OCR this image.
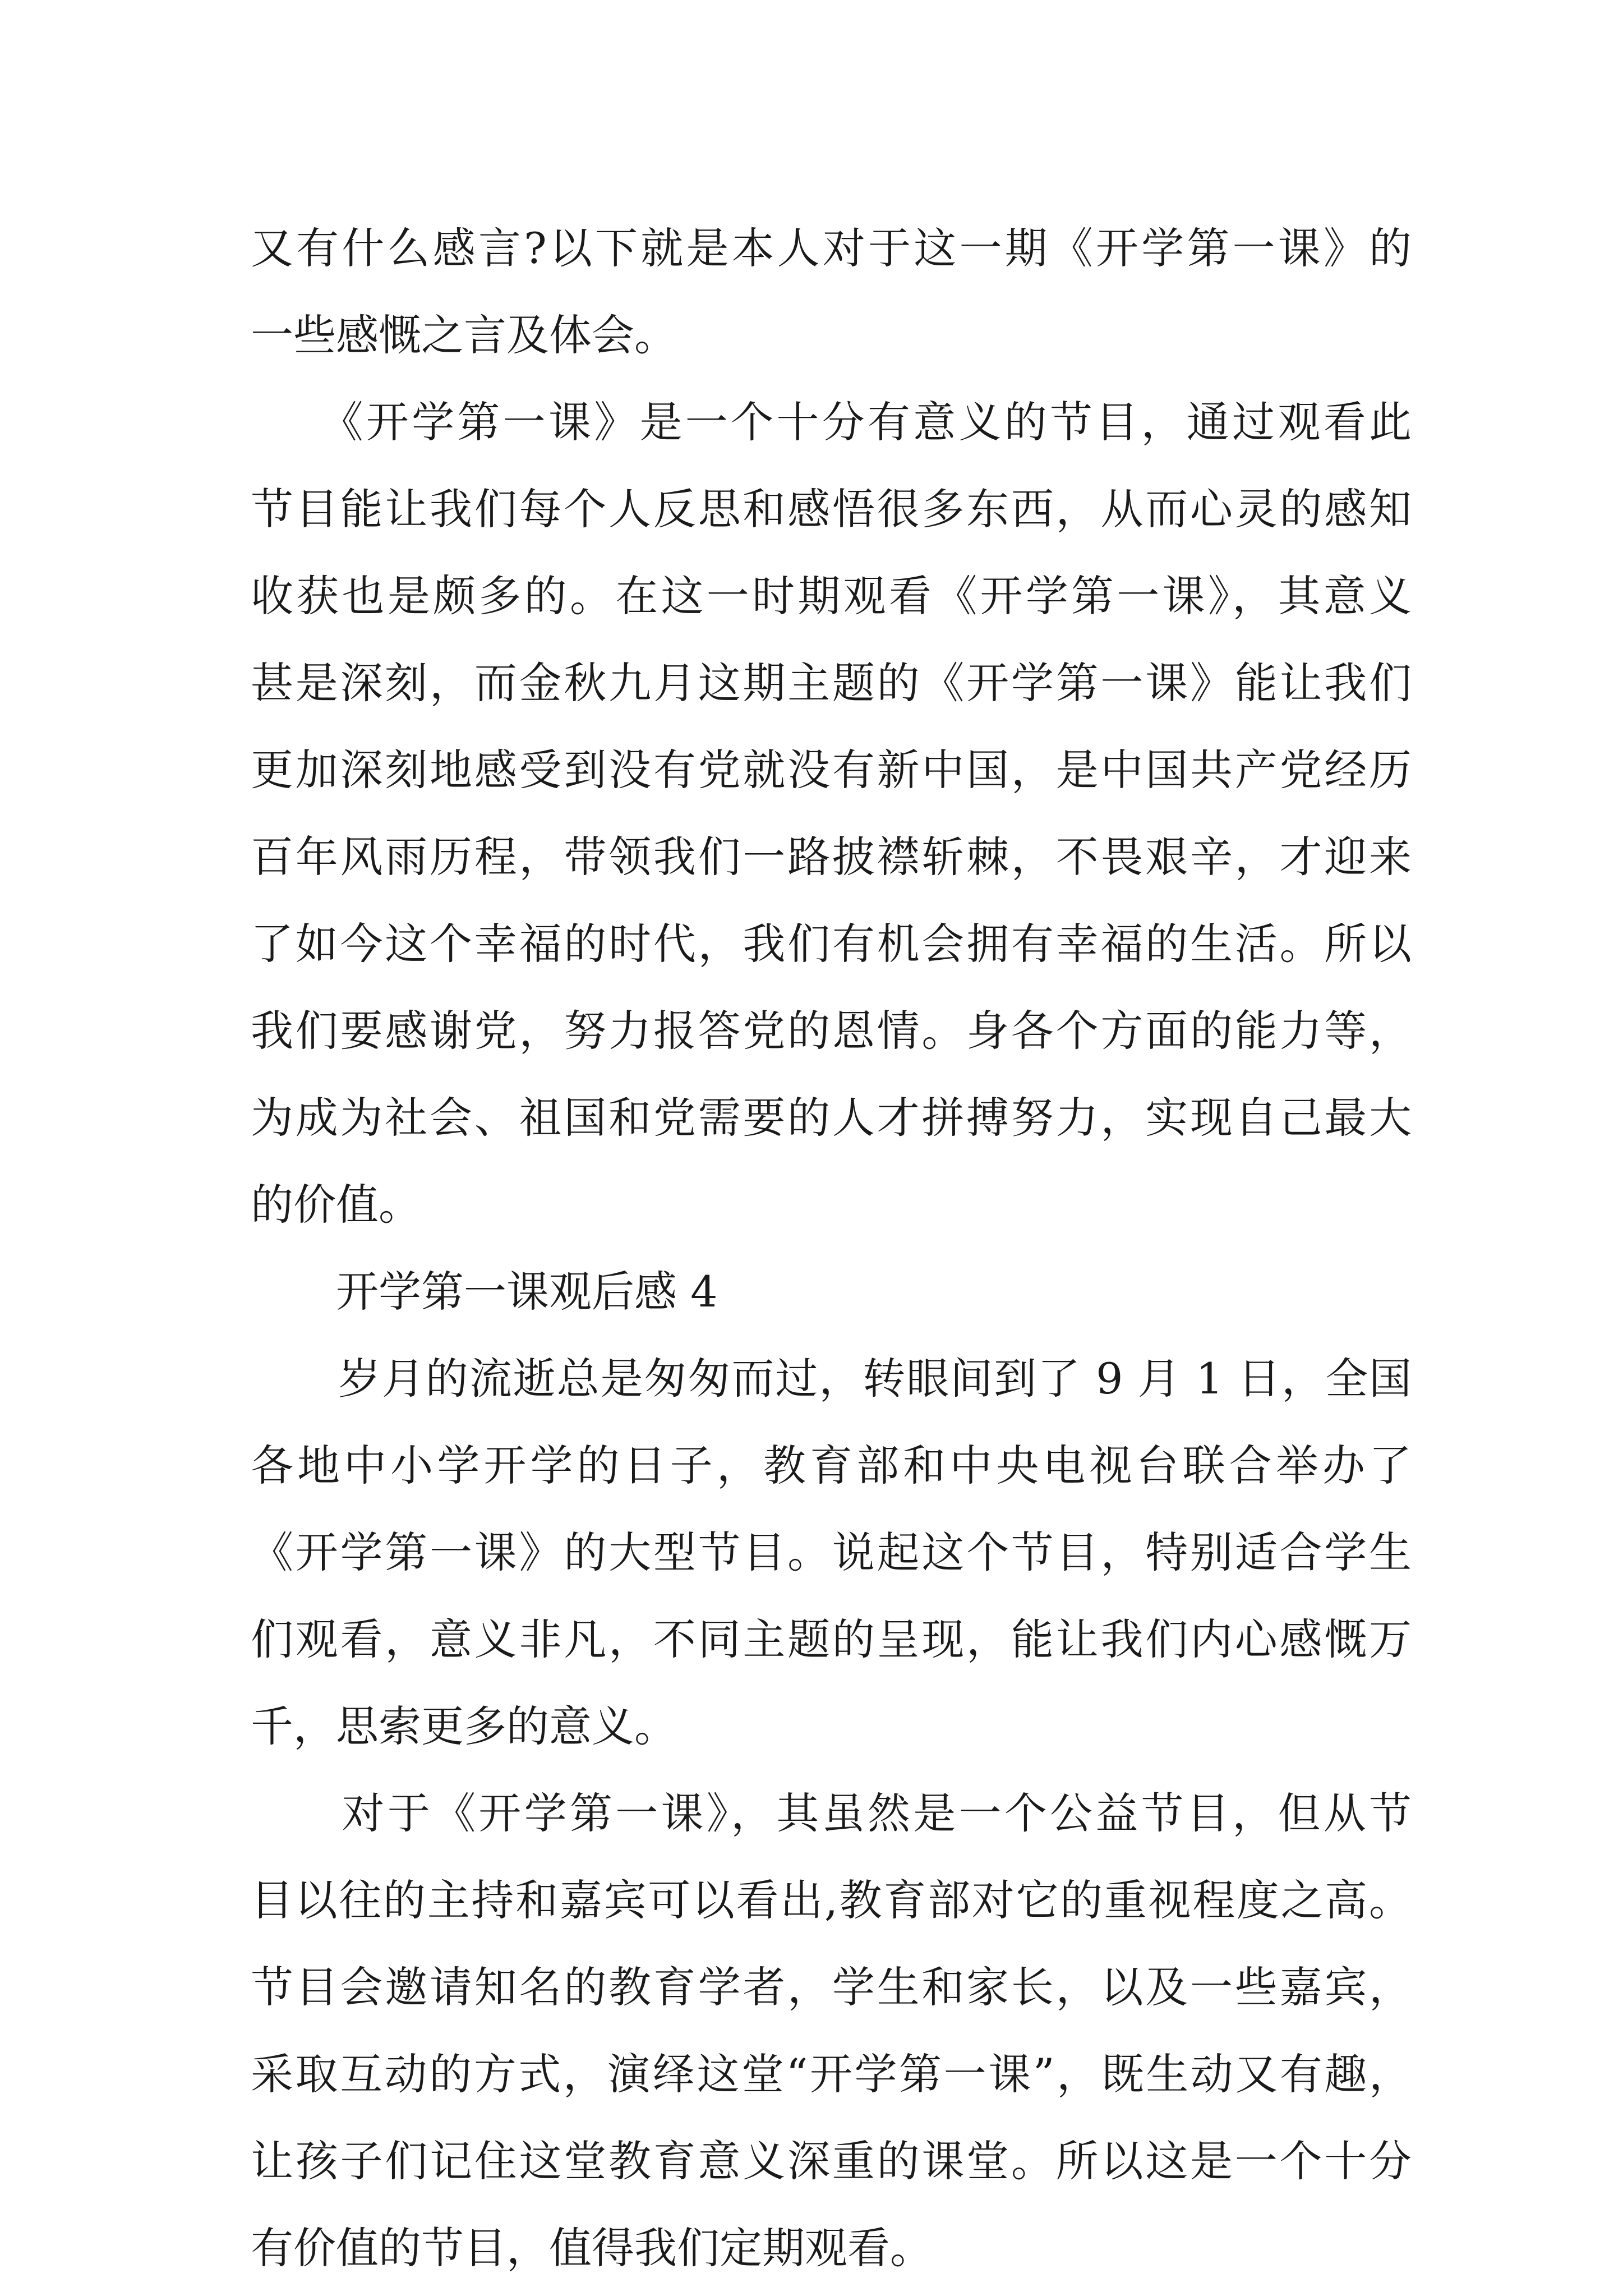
又有什么感言?以下就是本人对于这一期《开学第一课》的
一些感慨之言及体会。
　　《开学第一课》是一个十分有意义的节目，通过观看此
节目能让我们每个人反思和感悟很多东西，从而心灵的感知
收获也是颇多的。在这一时期观看《开学第一课》，其意义
甚是深刻，而金秋九月这期主题的《开学第一课》能让我们
更加深刻地感受到没有党就没有新中国，是中国共产党经历
百年风雨历程，带领我们一路披襟斩棘，不畏艰辛，才迎来
了如今这个幸福的时代，我们有机会拥有幸福的生活。所以
我们要感谢党，努力报答党的恩情。身各个方面的能力等，
为成为社会、祖国和党需要的人才拼搏努力，实现自己最大
的价值。
　　开学第一课观后感 4
　　岁月的流逝总是匆匆而过，转眼间到了 9 月 1 日，全国
各地中小学开学的日子，教育部和中央电视台联合举办了
《开学第一课》的大型节目。说起这个节目，特别适合学生
们观看，意义非凡，不同主题的呈现，能让我们内心感慨万
千，思索更多的意义。
　　对于《开学第一课》，其虽然是一个公益节目，但从节
目以往的主持和嘉宾可以看出,教育部对它的重视程度之高。
节目会邀请知名的教育学者，学生和家长，以及一些嘉宾，
采取互动的方式，演绎这堂“开学第一课”，既生动又有趣，
让孩子们记住这堂教育意义深重的课堂。所以这是一个十分
有价值的节目，值得我们定期观看。
